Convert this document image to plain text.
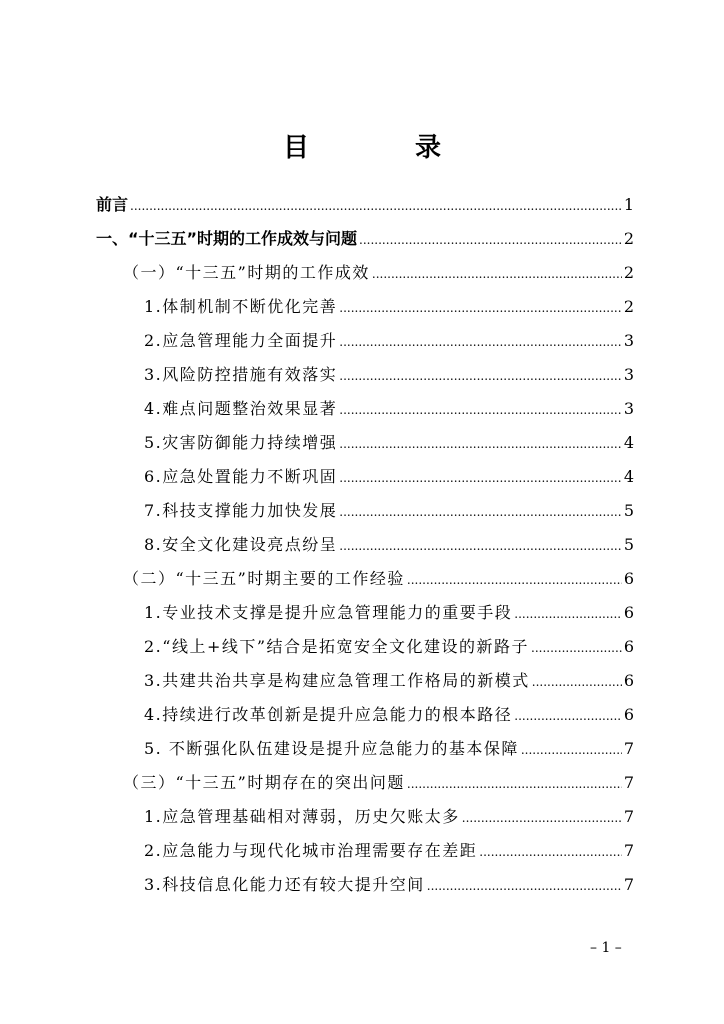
目　录
前言 .....	1
一、“十三五”时期的工作成效与问题 .....	2
（一）“十三五”时期的工作成效 .....	2
1.体制机制不断优化完善 .....	2
2.应急管理能力全面提升 .....	3
3.风险防控措施有效落实 .....	3
4.难点问题整治效果显著 .....	3
5.灾害防御能力持续增强 .....	4
6.应急处置能力不断巩固 .....	4
7.科技支撑能力加快发展 .....	5
8.安全文化建设亮点纷呈 .....	5
（二）“十三五”时期主要的工作经验 .....	6
1.专业技术支撑是提升应急管理能力的重要手段 .....	6
2.“线上+线下”结合是拓宽安全文化建设的新路子 .....	6
3.共建共治共享是构建应急管理工作格局的新模式 .....	6
4.持续进行改革创新是提升应急能力的根本路径 .....	6
5. 不断强化队伍建设是提升应急能力的基本保障 .....	7
（三）“十三五”时期存在的突出问题 .....	7
1.应急管理基础相对薄弱，历史欠账太多 .....	7
2.应急能力与现代化城市治理需要存在差距 .....	7
3.科技信息化能力还有较大提升空间 .....	7
– 1 –
